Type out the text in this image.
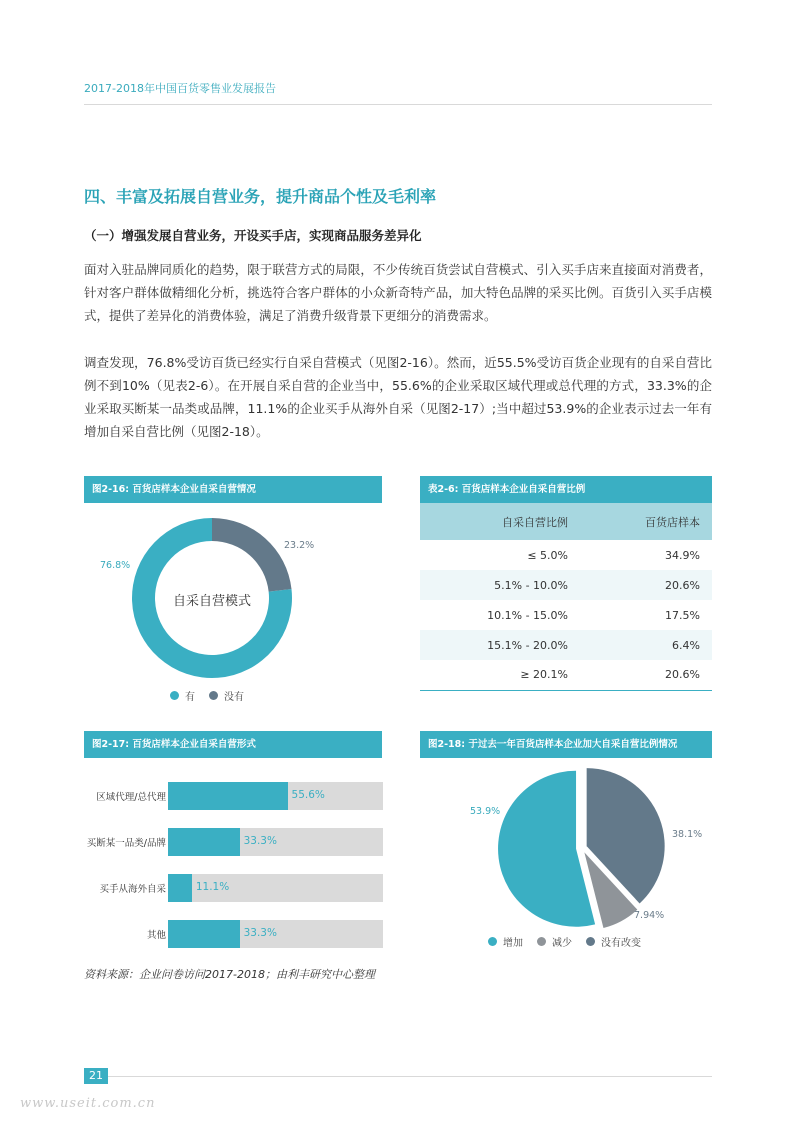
2017-2018年中国百货零售业发展报告
四、丰富及拓展自营业务，提升商品个性及毛利率
（一）增强发展自营业务，开设买手店，实现商品服务差异化

面对入驻品牌同质化的趋势，限于联营方式的局限，不少传统百货尝试自营模式、引入买手店来直接面对消费者，针对客户群体做精细化分析，挑选符合客户群体的小众新奇特产品，加大特色品牌的采买比例。百货引入买手店模式，提供了差异化的消费体验，满足了消费升级背景下更细分的消费需求。

调查发现，76.8%受访百货已经实行自采自营模式（见图2-16）。然而，近55.5%受访百货企业现有的自采自营比例不到10%（见表2-6）。在开展自采自营的企业当中，55.6%的企业采取区域代理或总代理的方式，33.3%的企业采取买断某一品类或品牌，11.1%的企业买手从海外自采（见图2-17）;当中超过53.9%的企业表示过去一年有增加自采自营比例（见图2-18）。

图2-16: 百货店样本企业自采自营情况
自采自营模式
76.8%
23.2%
有	没有
表2-6: 百货店样本企业自采自营比例
自采自营比例	百货店样本
≤ 5.0%	34.9%
5.1% - 10.0%	20.6%
10.1% - 15.0%	17.5%
15.1% - 20.0%	6.4%
≥ 20.1%	20.6%
图2-17: 百货店样本企业自采自营形式
区域代理/总代理	55.6%
买断某一品类/品牌	33.3%
买手从海外自采	11.1%
其他	33.3%
图2-18: 于过去一年百货店样本企业加大自采自营比例情况
53.9%
7.94%
38.1%
增加	减少	没有改变
资料来源：企业问卷访问2017-2018；由利丰研究中心整理
21
www.useit.com.cn
